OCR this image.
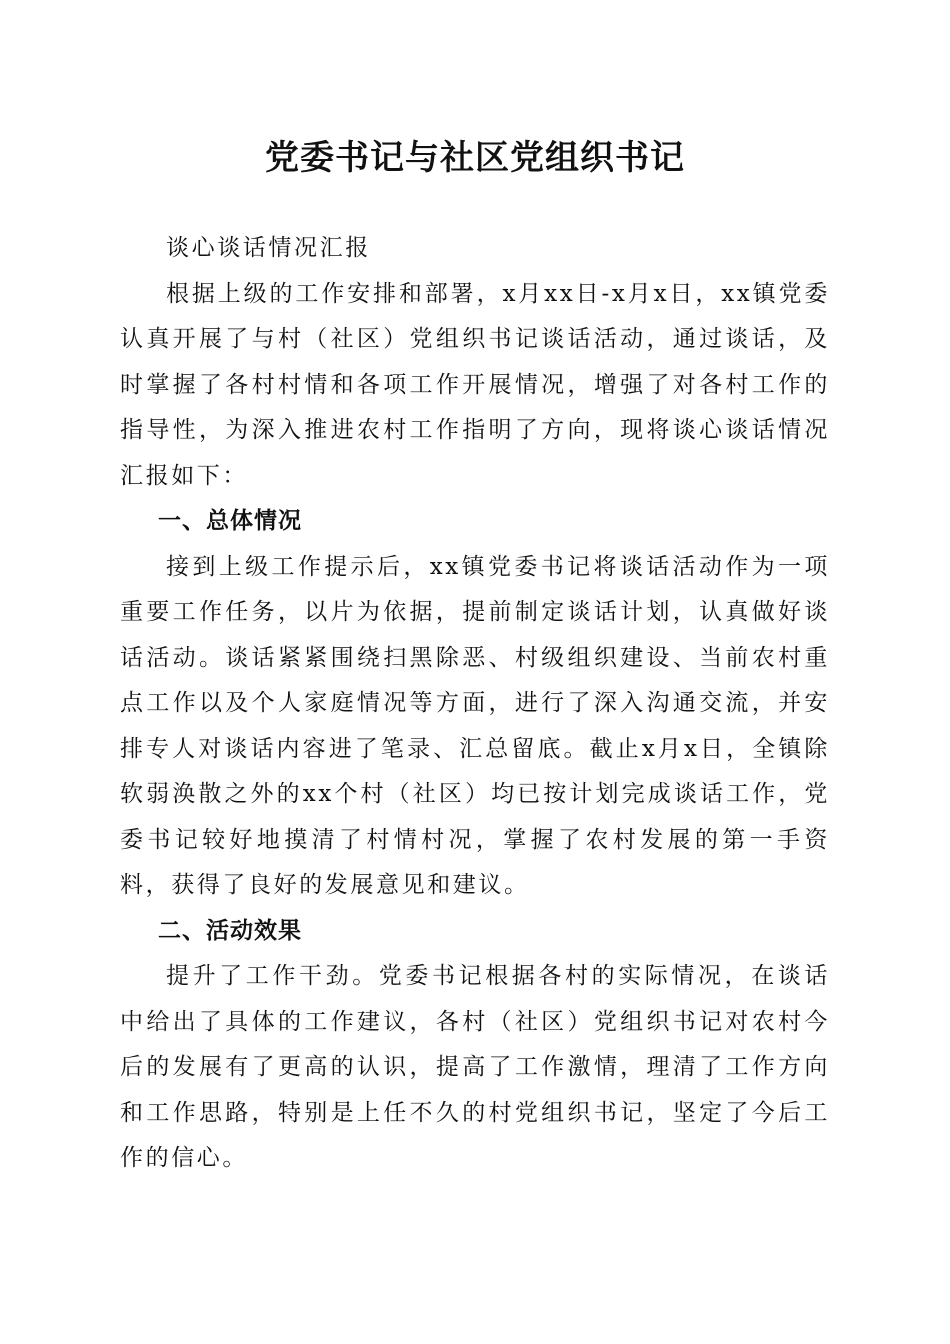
党委书记与社区党组织书记

谈心谈话情况汇报

根据上级的工作安排和部署，x月xx日-x月x日，xx镇党委认真开展了与村（社区）党组织书记谈话活动，通过谈话，及时掌握了各村村情和各项工作开展情况，增强了对各村工作的指导性，为深入推进农村工作指明了方向，现将谈心谈话情况汇报如下：

一、总体情况

接到上级工作提示后，xx镇党委书记将谈话活动作为一项重要工作任务，以片为依据，提前制定谈话计划，认真做好谈话活动。谈话紧紧围绕扫黑除恶、村级组织建设、当前农村重点工作以及个人家庭情况等方面，进行了深入沟通交流，并安排专人对谈话内容进了笔录、汇总留底。截止x月x日，全镇除软弱涣散之外的xx个村（社区）均已按计划完成谈话工作，党委书记较好地摸清了村情村况，掌握了农村发展的第一手资料，获得了良好的发展意见和建议。

二、活动效果

提升了工作干劲。党委书记根据各村的实际情况，在谈话中给出了具体的工作建议，各村（社区）党组织书记对农村今后的发展有了更高的认识，提高了工作激情，理清了工作方向和工作思路，特别是上任不久的村党组织书记，坚定了今后工作的信心。
